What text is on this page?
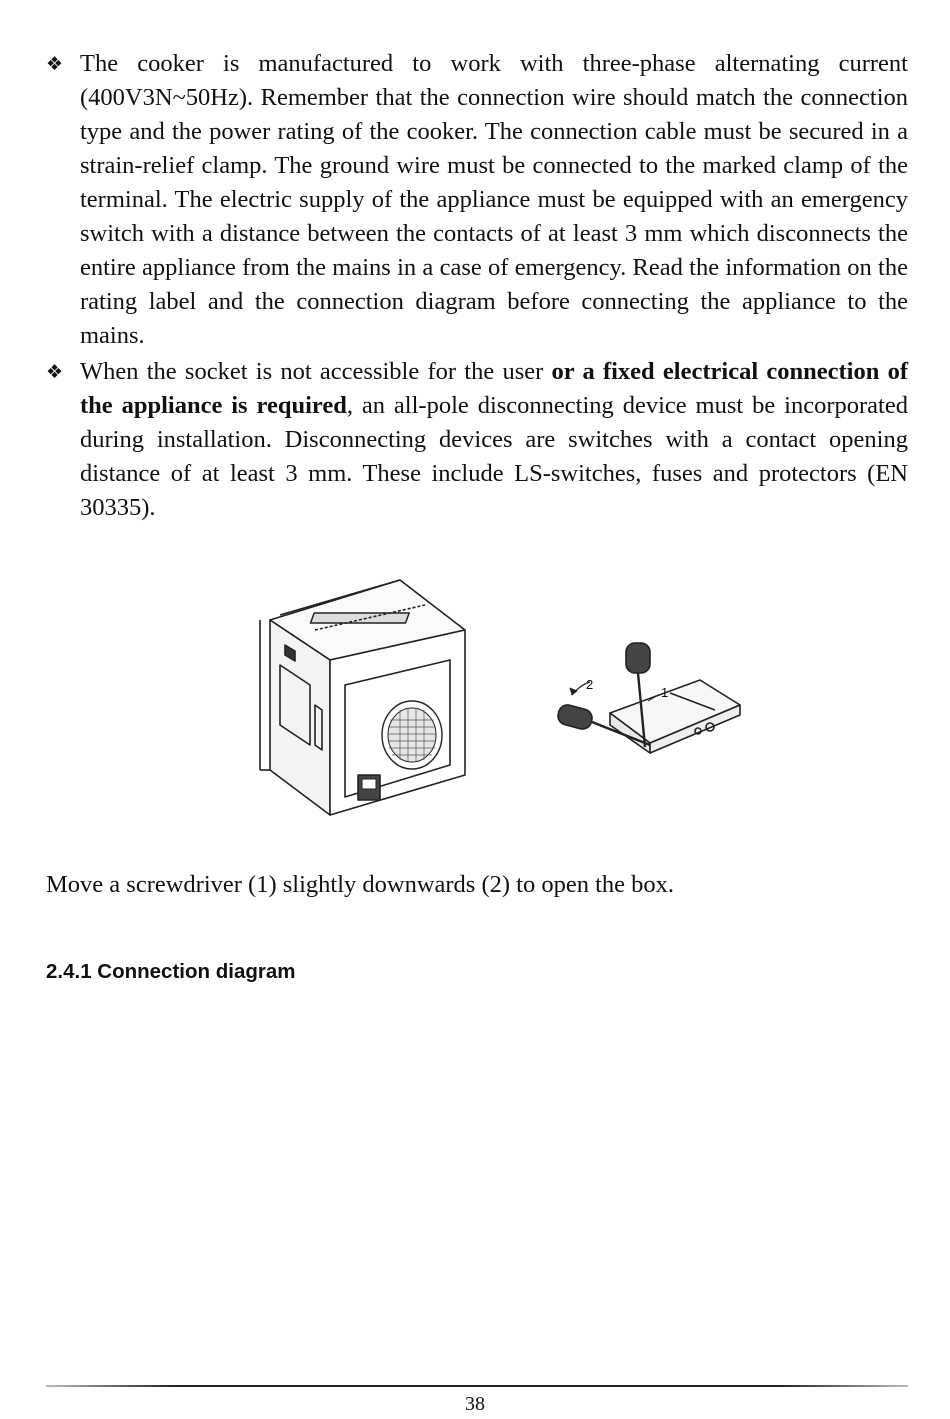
❖ The cooker is manufactured to work with three-phase alternating current (400V3N~50Hz). Remember that the connection wire should match the connection type and the power rating of the cooker. The connection cable must be secured in a strain-relief clamp. The ground wire must be connected to the marked clamp of the terminal. The electric supply of the appliance must be equipped with an emergency switch with a distance between the contacts of at least 3 mm which disconnects the entire appliance from the mains in a case of emergency. Read the information on the rating label and the connection diagram before connecting the appliance to the mains.
❖ When the socket is not accessible for the user or a fixed electrical connection of the appliance is required, an all-pole disconnecting device must be incorporated during installation. Disconnecting devices are switches with a contact opening distance of at least 3 mm. These include LS-switches, fuses and protectors (EN 30335).
2
1
Move a screwdriver (1) slightly downwards (2) to open the box.
2.4.1 Connection diagram
38
